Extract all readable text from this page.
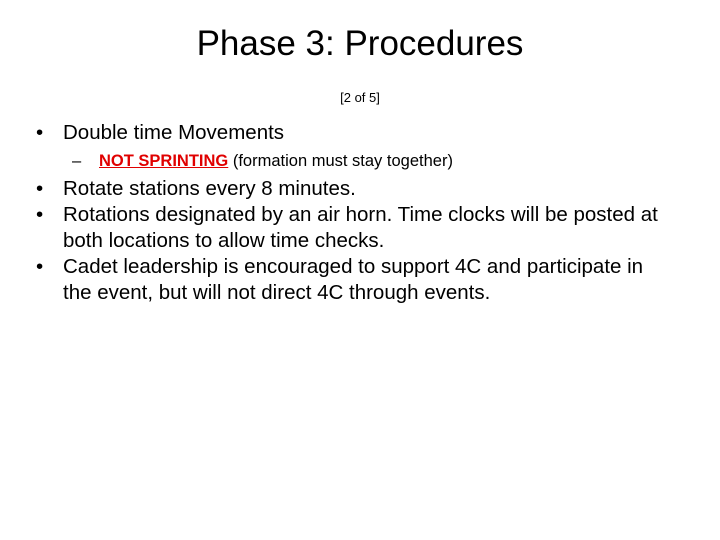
Phase 3: Procedures
[2 of 5]
• Double time Movements
– NOT SPRINTING (formation must stay together)
• Rotate stations every 8 minutes.
• Rotations designated by an air horn. Time clocks will be posted at both locations to allow time checks.
• Cadet leadership is encouraged to support 4C and participate in the event, but will not direct 4C through events.
